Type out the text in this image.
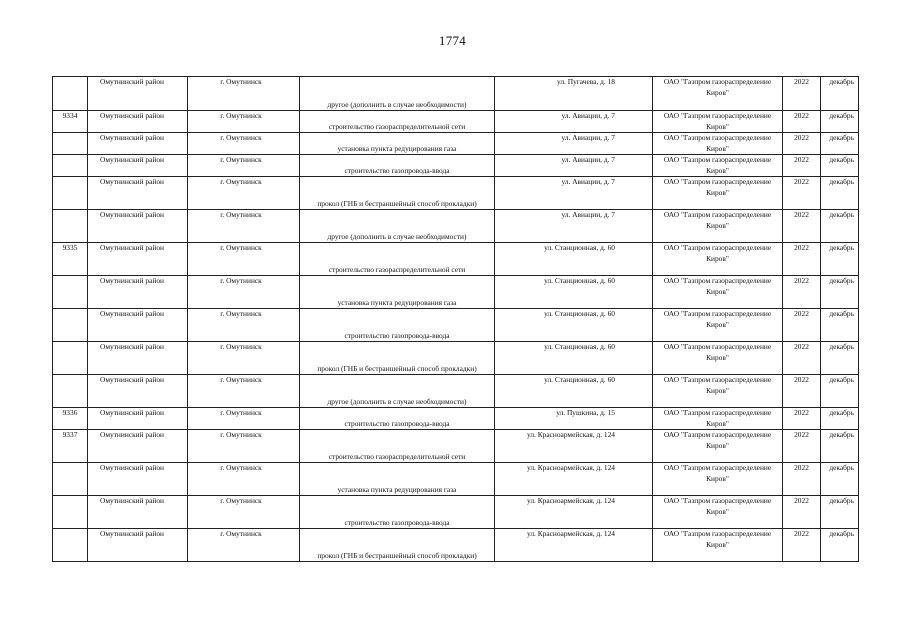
1774
	Омутнинский район	г. Омутнинск	другое (дополнить в случае необходимости)	ул. Пугачева, д. 18	ОАО "Газпром газораспределение Киров"	2022	декабрь
9334	Омутнинский район	г. Омутнинск	строительство газораспределительной сети	ул. Авиации, д. 7	ОАО "Газпром газораспределение Киров"	2022	декабрь
	Омутнинский район	г. Омутнинск	установка пункта редуцирования газа	ул. Авиации, д. 7	ОАО "Газпром газораспределение Киров"	2022	декабрь
	Омутнинский район	г. Омутнинск	строительство газопровода-ввода	ул. Авиации, д. 7	ОАО "Газпром газораспределение Киров"	2022	декабрь
	Омутнинский район	г. Омутнинск	прокол (ГНБ и бестраншейный способ прокладки)	ул. Авиации, д. 7	ОАО "Газпром газораспределение Киров"	2022	декабрь
	Омутнинский район	г. Омутнинск	другое (дополнить в случае необходимости)	ул. Авиации, д. 7	ОАО "Газпром газораспределение Киров"	2022	декабрь
9335	Омутнинский район	г. Омутнинск	строительство газораспределительной сети	ул. Станционная, д. 60	ОАО "Газпром газораспределение Киров"	2022	декабрь
	Омутнинский район	г. Омутнинск	установка пункта редуцирования газа	ул. Станционная, д. 60	ОАО "Газпром газораспределение Киров"	2022	декабрь
	Омутнинский район	г. Омутнинск	строительство газопровода-ввода	ул. Станционная, д. 60	ОАО "Газпром газораспределение Киров"	2022	декабрь
	Омутнинский район	г. Омутнинск	прокол (ГНБ и бестраншейный способ прокладки)	ул. Станционная, д. 60	ОАО "Газпром газораспределение Киров"	2022	декабрь
	Омутнинский район	г. Омутнинск	другое (дополнить в случае необходимости)	ул. Станционная, д. 60	ОАО "Газпром газораспределение Киров"	2022	декабрь
9336	Омутнинский район	г. Омутнинск	строительство газопровода-ввода	ул. Пушкина, д. 15	ОАО "Газпром газораспределение Киров"	2022	декабрь
9337	Омутнинский район	г. Омутнинск	строительство газораспределительной сети	ул. Красноармейская, д. 124	ОАО "Газпром газораспределение Киров"	2022	декабрь
	Омутнинский район	г. Омутнинск	установка пункта редуцирования газа	ул. Красноармейская, д. 124	ОАО "Газпром газораспределение Киров"	2022	декабрь
	Омутнинский район	г. Омутнинск	строительство газопровода-ввода	ул. Красноармейская, д. 124	ОАО "Газпром газораспределение Киров"	2022	декабрь
	Омутнинский район	г. Омутнинск	прокол (ГНБ и бестраншейный способ прокладки)	ул. Красноармейская, д. 124	ОАО "Газпром газораспределение Киров"	2022	декабрь
